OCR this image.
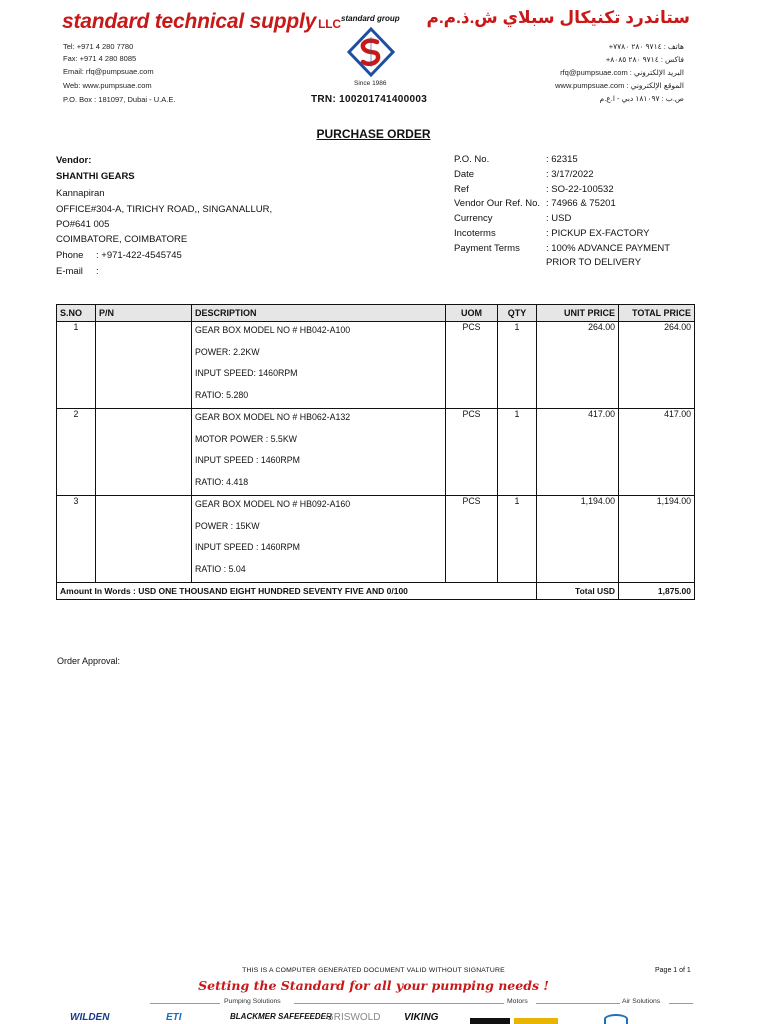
standard technical supply LLC
Tel: +971 4 280 7780
Fax: +971 4 280 8085
Email: rfq@pumpsuae.com
Web: www.pumpsuae.com
P.O. Box : 181097, Dubai - U.A.E.
standard group
Since 1986
TRN: 100201741400003
ستاندرد تكنيكال سبلاي ش.ذ.م.م
هاتف : ٩٧١٤ ٢٨٠ ٧٧٨٠+
فاكس : ٩٧١٤ ٢٨٠ ٨٠٨٥+
البريد الإلكتروني : rfq@pumpsuae.com
الموقع الإلكتروني : www.pumpsuae.com
ص.ب : ١٨١٠٩٧ دبي - ا.ع.م
PURCHASE ORDER
Vendor:
SHANTHI GEARS
Kannapiran
OFFICE#304-A, TIRICHY ROAD,, SINGANALLUR,
PO#641 005
COIMBATORE, COIMBATORE
Phone : +971-422-4545745
E-mail :
P.O. No.	: 62315
Date	: 3/17/2022
Ref	: SO-22-100532
Vendor Our Ref. No. : 74966 & 75201
Currency	: USD
Incoterms	: PICKUP EX-FACTORY
Payment Terms	: 100% ADVANCE PAYMENT
PRIOR TO DELIVERY
S.NO	P/N	DESCRIPTION	UOM	QTY	UNIT PRICE	TOTAL PRICE
1		GEAR BOX MODEL NO # HB042-A100
POWER: 2.2KW
INPUT SPEED: 1460RPM
RATIO: 5.280	PCS	1	264.00	264.00
2		GEAR BOX MODEL NO # HB062-A132
MOTOR POWER : 5.5KW
INPUT SPEED : 1460RPM
RATIO: 4.418	PCS	1	417.00	417.00
3		GEAR BOX MODEL NO # HB092-A160
POWER : 15KW
INPUT SPEED : 1460RPM
RATIO : 5.04	PCS	1	1,194.00	1,194.00
Amount In Words : USD ONE THOUSAND EIGHT HUNDRED SEVENTY FIVE AND 0/100					Total USD	1,875.00
Order Approval:
THIS IS A COMPUTER GENERATED DOCUMENT VALID WITHOUT SIGNATURE	Page 1 of 1
Setting the Standard for all your pumping needs !
Pumping Solutions	Motors	Air Solutions
WILDEN	ETI	BLACKMER SAFEFEEDER
GRISWOLD VIKING
